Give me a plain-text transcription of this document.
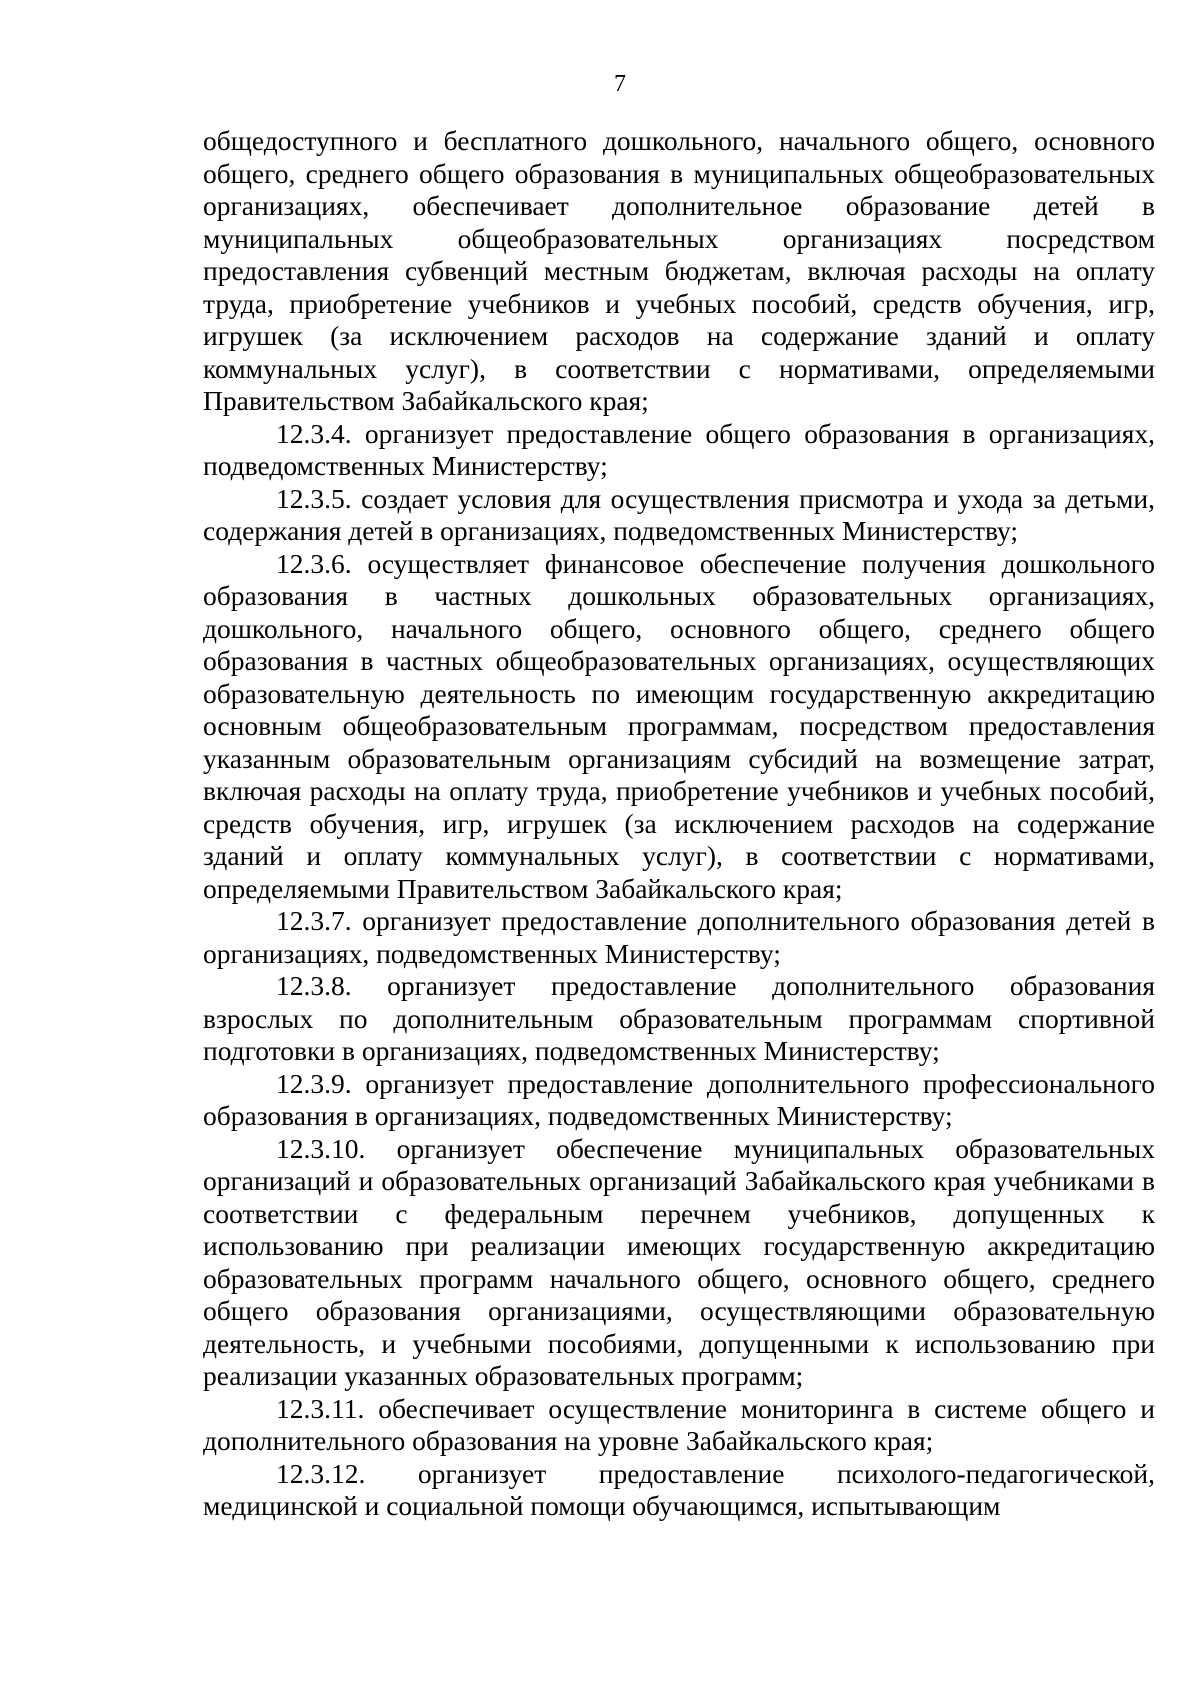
7

общедоступного и бесплатного дошкольного, начального общего, основного общего, среднего общего образования в муниципальных общеобразовательных организациях, обеспечивает дополнительное образование детей в муниципальных общеобразовательных организациях посредством предоставления субвенций местным бюджетам, включая расходы на оплату труда, приобретение учебников и учебных пособий, средств обучения, игр, игрушек (за исключением расходов на содержание зданий и оплату коммунальных услуг), в соответствии с нормативами, определяемыми Правительством Забайкальского края;

12.3.4. организует предоставление общего образования в организациях, подведомственных Министерству;

12.3.5. создает условия для осуществления присмотра и ухода за детьми, содержания детей в организациях, подведомственных Министерству;

12.3.6. осуществляет финансовое обеспечение получения дошкольного образования в частных дошкольных образовательных организациях, дошкольного, начального общего, основного общего, среднего общего образования в частных общеобразовательных организациях, осуществляющих образовательную деятельность по имеющим государственную аккредитацию основным общеобразовательным программам, посредством предоставления указанным образовательным организациям субсидий на возмещение затрат, включая расходы на оплату труда, приобретение учебников и учебных пособий, средств обучения, игр, игрушек (за исключением расходов на содержание зданий и оплату коммунальных услуг), в соответствии с нормативами, определяемыми Правительством Забайкальского края;

12.3.7. организует предоставление дополнительного образования детей в организациях, подведомственных Министерству;

12.3.8. организует предоставление дополнительного образования взрослых по дополнительным образовательным программам спортивной подготовки в организациях, подведомственных Министерству;

12.3.9. организует предоставление дополнительного профессионального образования в организациях, подведомственных Министерству;

12.3.10. организует обеспечение муниципальных образовательных организаций и образовательных организаций Забайкальского края учебниками в соответствии с федеральным перечнем учебников, допущенных к использованию при реализации имеющих государственную аккредитацию образовательных программ начального общего, основного общего, среднего общего образования организациями, осуществляющими образовательную деятельность, и учебными пособиями, допущенными к использованию при реализации указанных образовательных программ;

12.3.11. обеспечивает осуществление мониторинга в системе общего и дополнительного образования на уровне Забайкальского края;

12.3.12. организует предоставление психолого-педагогической, медицинской и социальной помощи обучающимся, испытывающим
